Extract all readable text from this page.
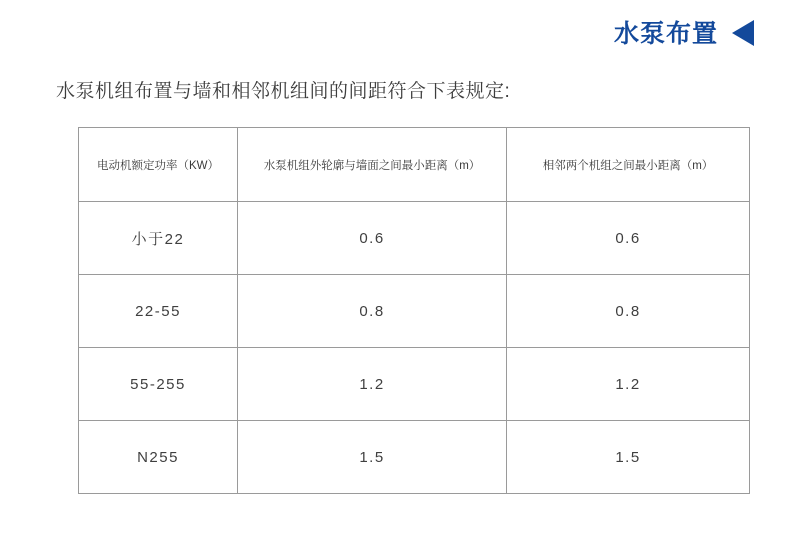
水泵布置
水泵机组布置与墙和相邻机组间的间距符合下表规定:
电动机额定功率（KW）	水泵机组外轮廓与墙面之间最小距离（m）	相邻两个机组之间最小距离（m）
小于22	0.6	0.6
22-55	0.8	0.8
55-255	1.2	1.2
N255	1.5	1.5
